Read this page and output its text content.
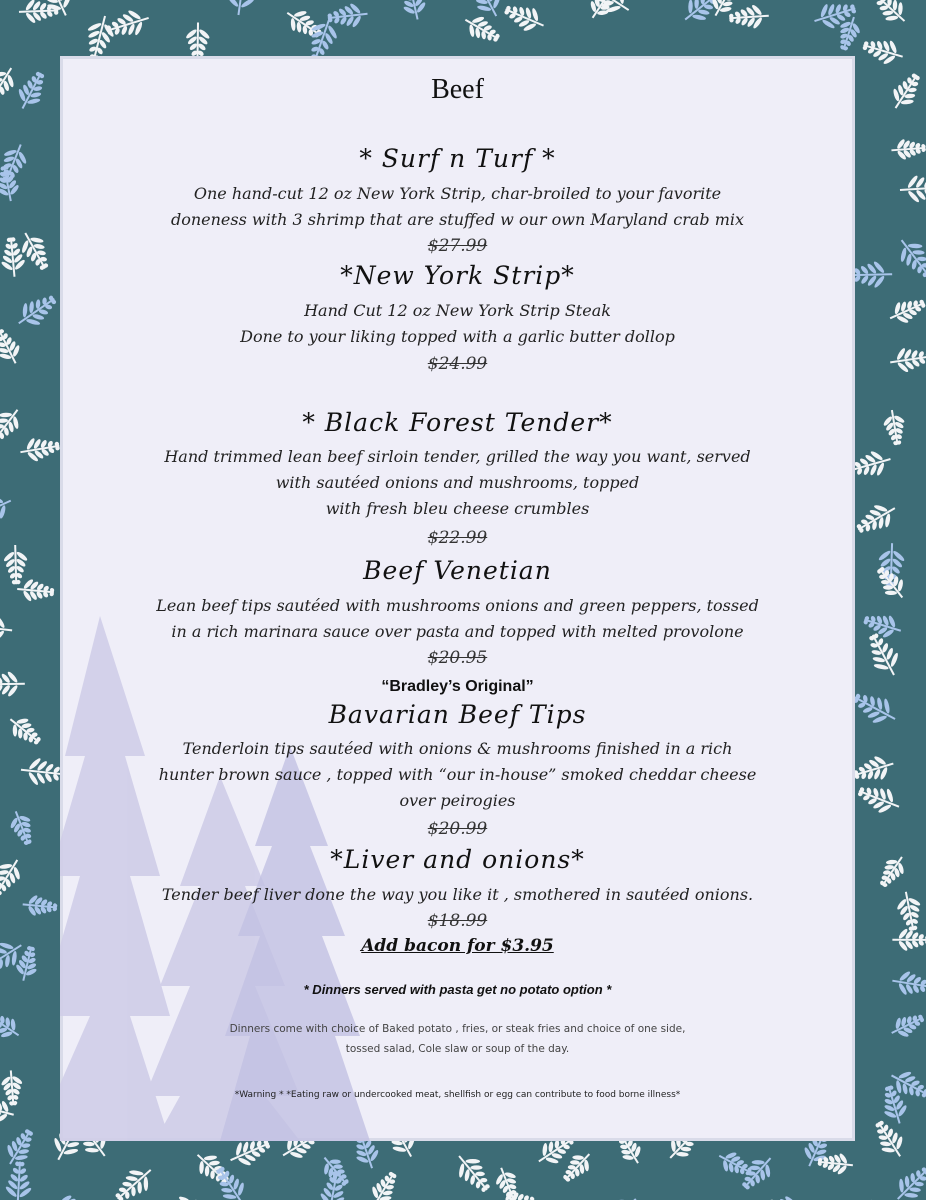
Beef
* Surf n Turf *
One hand-cut 12 oz New York Strip, char-broiled to your favorite
doneness with 3 shrimp that are stuffed w our own Maryland crab mix
$27.99
*New York Strip*
Hand Cut 12 oz New York Strip Steak
Done to your liking topped with a garlic butter dollop
$24.99
* Black Forest Tender*
Hand trimmed lean beef sirloin tender, grilled the way you want, served
with sautéed onions and mushrooms, topped
with fresh bleu cheese crumbles
$22.99
Beef Venetian
Lean beef tips sautéed with mushrooms onions and green peppers, tossed
in a rich marinara sauce over pasta and topped with melted provolone
$20.95
“Bradley’s Original”
Bavarian Beef Tips
Tenderloin tips sautéed with onions & mushrooms finished in a rich
hunter brown sauce , topped with “our in-house” smoked cheddar cheese
over peirogies
$20.99
*Liver and onions*
Tender beef liver done the way you like it , smothered in sautéed onions.
$18.99
Add bacon for $3.95
* Dinners served with pasta get no potato option *
Dinners come with choice of Baked potato , fries, or steak fries and choice of one side,
tossed salad, Cole slaw or soup of the day.
*Warning * *Eating raw or undercooked meat, shellfish or egg can contribute to food borne illness*
